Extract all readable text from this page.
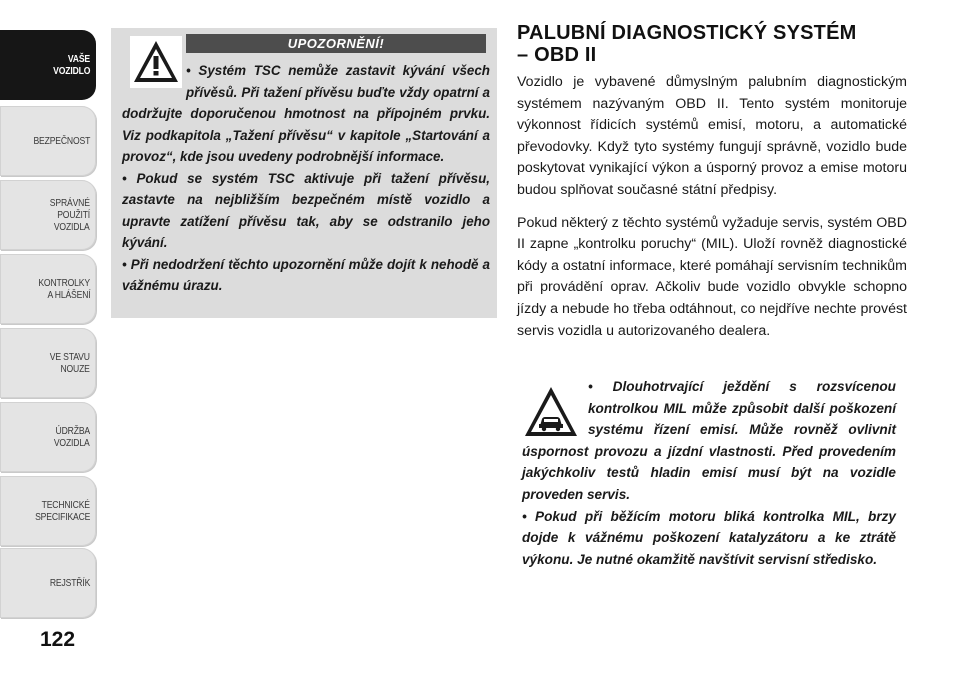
VAŠE
VOZIDLO
BEZPEČNOST
SPRÁVNÉ
POUŽITÍ
VOZIDLA
KONTROLKY
A HLÁŠENÍ
VE STAVU
NOUZE
ÚDRŽBA
VOZIDLA
TECHNICKÉ
SPECIFIKACE
REJSTŘÍK
122
UPOZORNĚNÍ!

• Systém TSC nemůže zastavit kývání všech přívěsů. Při tažení přívěsu buďte vždy opatrní a dodržujte doporučenou hmotnost na přípojném prvku. Viz podkapitola „Tažení přívěsu“ v kapitole „Startování a provoz“, kde jsou uvedeny podrobnější informace.

• Pokud se systém TSC aktivuje při tažení přívěsu, zastavte na nejbližším bezpečném místě vozidlo a upravte zatížení přívěsu tak, aby se odstranilo jeho kývání.

• Při nedodržení těchto upozornění může dojít k nehodě a vážnému úrazu.

PALUBNÍ DIAGNOSTICKÝ SYSTÉM
– OBD II

Vozidlo je vybavené důmyslným palubním diagnostickým systémem nazývaným OBD II. Tento systém monitoruje výkonnost řídicích systémů emisí, motoru, a automatické převodovky. Když tyto systémy fungují správně, vozidlo bude poskytovat vynikající výkon a úsporný provoz a emise motoru budou splňovat současné státní předpisy.

Pokud některý z těchto systémů vyžaduje servis, systém OBD II zapne „kontrolku poruchy“ (MIL). Uloží rovněž diagnostické kódy a ostatní informace, které pomáhají servisním technikům při provádění oprav. Ačkoliv bude vozidlo obvykle schopno jízdy a nebude ho třeba odtáhnout, co nejdříve nechte provést servis vozidla u autorizovaného dealera.

• Dlouhotrvající ježdění s rozsvícenou kontrolkou MIL může způsobit další poškození systému řízení emisí. Může rovněž ovlivnit úspornost provozu a jízdní vlastnosti. Před provedením jakýchkoliv testů hladin emisí musí být na vozidle proveden servis.

• Pokud při běžícím motoru bliká kontrolka MIL, brzy dojde k vážnému poškození katalyzátoru a ke ztrátě výkonu. Je nutné okamžitě navštívit servisní středisko.
